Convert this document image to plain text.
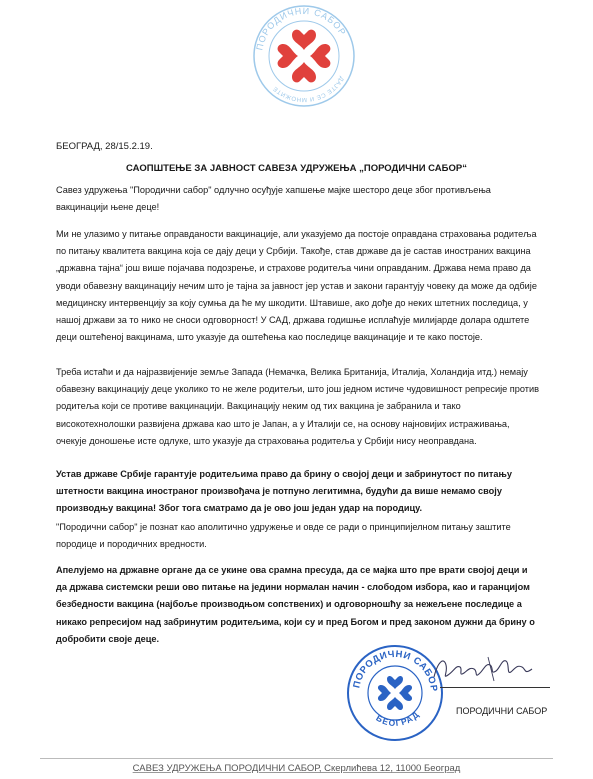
ПОРОДИЧНИ САБОР
ДАЈТЕ СЕ И МНОЖИТЕ
БЕОГРАД, 28/15.2.19.
САОПШТЕЊЕ ЗА ЈАВНОСТ САВЕЗА УДРУЖЕЊА „ПОРОДИЧНИ САБОР“

Савез удружења "Породични сабор" одлучно осуђује хапшење мајке шесторо деце због противљења вакцинацији њене деце!

Ми не улазимо у питање оправданости вакцинације, али указујемо да постоје оправдана страховања родитеља по питању квалитета вакцина која се дају деци у Србији. Такође, став државе да је састав иностраних вакцина „државна тајна“ још више појачава подозрење, и страхове родитеља чини оправданим. Држава нема право да уводи обавезну вакцинацију нечим што је тајна за јавност јер устав и закони гарантују човеку да може да одбије медицинску интервенцију за коју сумња да ће му шкодити. Штавише, ако дође до неких штетних последица, у нашој држави за то нико не сноси одговорност! У САД, држава годишње исплаћује милијарде долара одштете деци оштећеној вакцинама, што указује да оштећења као последице вакцинације и те како постоје.

Треба истаћи и да најразвијеније земље Запада (Немачка, Велика Британија, Италија, Холандија итд.) немају обавезну вакцинацију деце уколико то не желе родитељи, што још једном истиче чудовишност репресије против родитеља који се противе вакцинацији. Вакцинацију неким од тих вакцина је забранила и тако високотехнолошки развијена држава као што је Јапан, а у Италији се, на основу најновијих истраживања, очекује доношење исте одлуке, што указује да страховања родитеља у Србији нису неоправдана.

Устав државе Србије гарантује родитељима право да брину о својој деци и забринутост по питању штетности вакцина иностраног произвођача је потпуно легитимна, будући да више немамо своју производњу вакцина! Због тога сматрамо да је ово још један удар на породицу.

"Породични сабор" је познат као аполитично удружење и овде се ради о принципијелном питању заштите породице и породичних вредности.

Апелујемо на државне органе да се укине ова срамна пресуда, да се мајка што пре врати својој деци и да држава системски реши ово питање на једини нормалан начин - слободом избора, као и гаранцијом безбедности вакцина (најбоље производњом сопствених) и одговорношћу за нежељене последице а никако репресијом над забринутим родитељима, који су и пред Богом и пред законом дужни да брину о добробити своје деце.

ПОРОДИЧНИ САБОР
БЕОГРАД	ПОРОДИЧНИ САБОР
САВЕЗ УДРУЖЕЊА ПОРОДИЧНИ САБОР, Скерлићева 12, 11000 Београд
